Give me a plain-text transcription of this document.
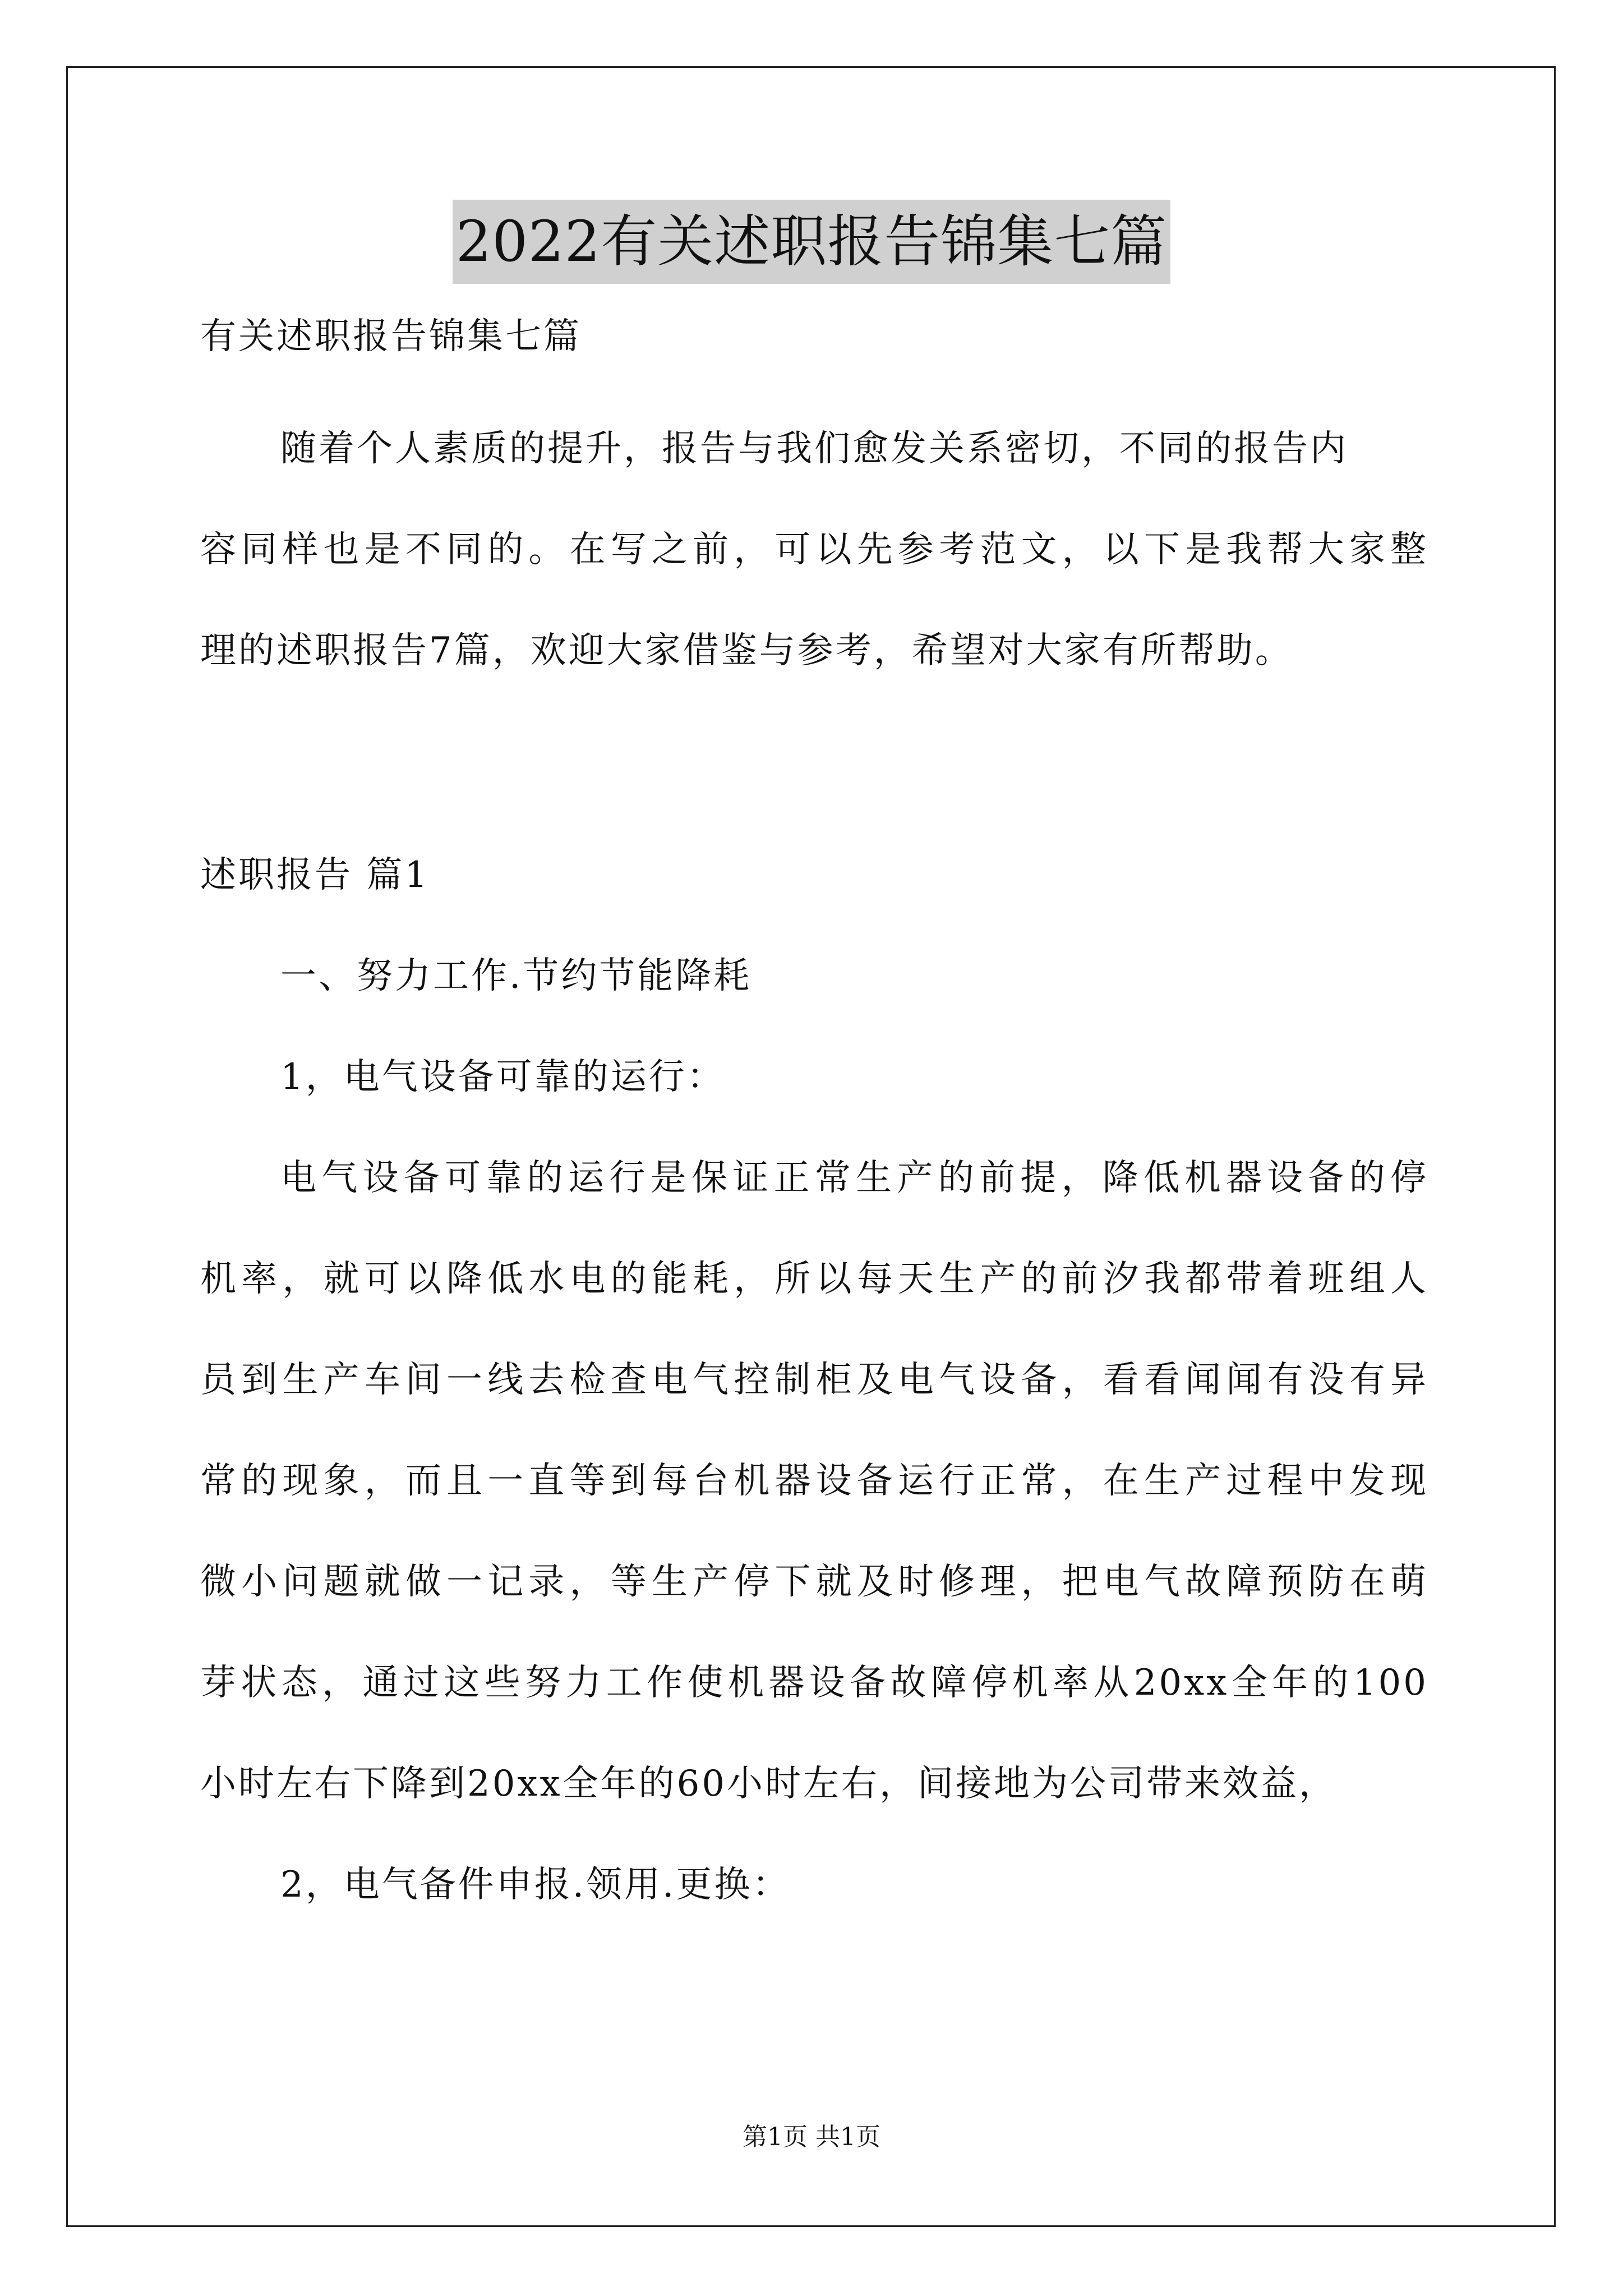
2022有关述职报告锦集七篇
有关述职报告锦集七篇
随着个人素质的提升，报告与我们愈发关系密切，不同的报告内
容同样也是不同的。在写之前，可以先参考范文，以下是我帮大家整
理的述职报告7篇，欢迎大家借鉴与参考，希望对大家有所帮助。
述职报告 篇1
一、努力工作.节约节能降耗
1，电气设备可靠的运行：
电气设备可靠的运行是保证正常生产的前提，降低机器设备的停
机率，就可以降低水电的能耗，所以每天生产的前汐我都带着班组人
员到生产车间一线去检查电气控制柜及电气设备，看看闻闻有没有异
常的现象，而且一直等到每台机器设备运行正常，在生产过程中发现
微小问题就做一记录，等生产停下就及时修理，把电气故障预防在萌
芽状态，通过这些努力工作使机器设备故障停机率从20xx全年的100
小时左右下降到20xx全年的60小时左右，间接地为公司带来效益，
2，电气备件申报.领用.更换：
第1页 共1页
